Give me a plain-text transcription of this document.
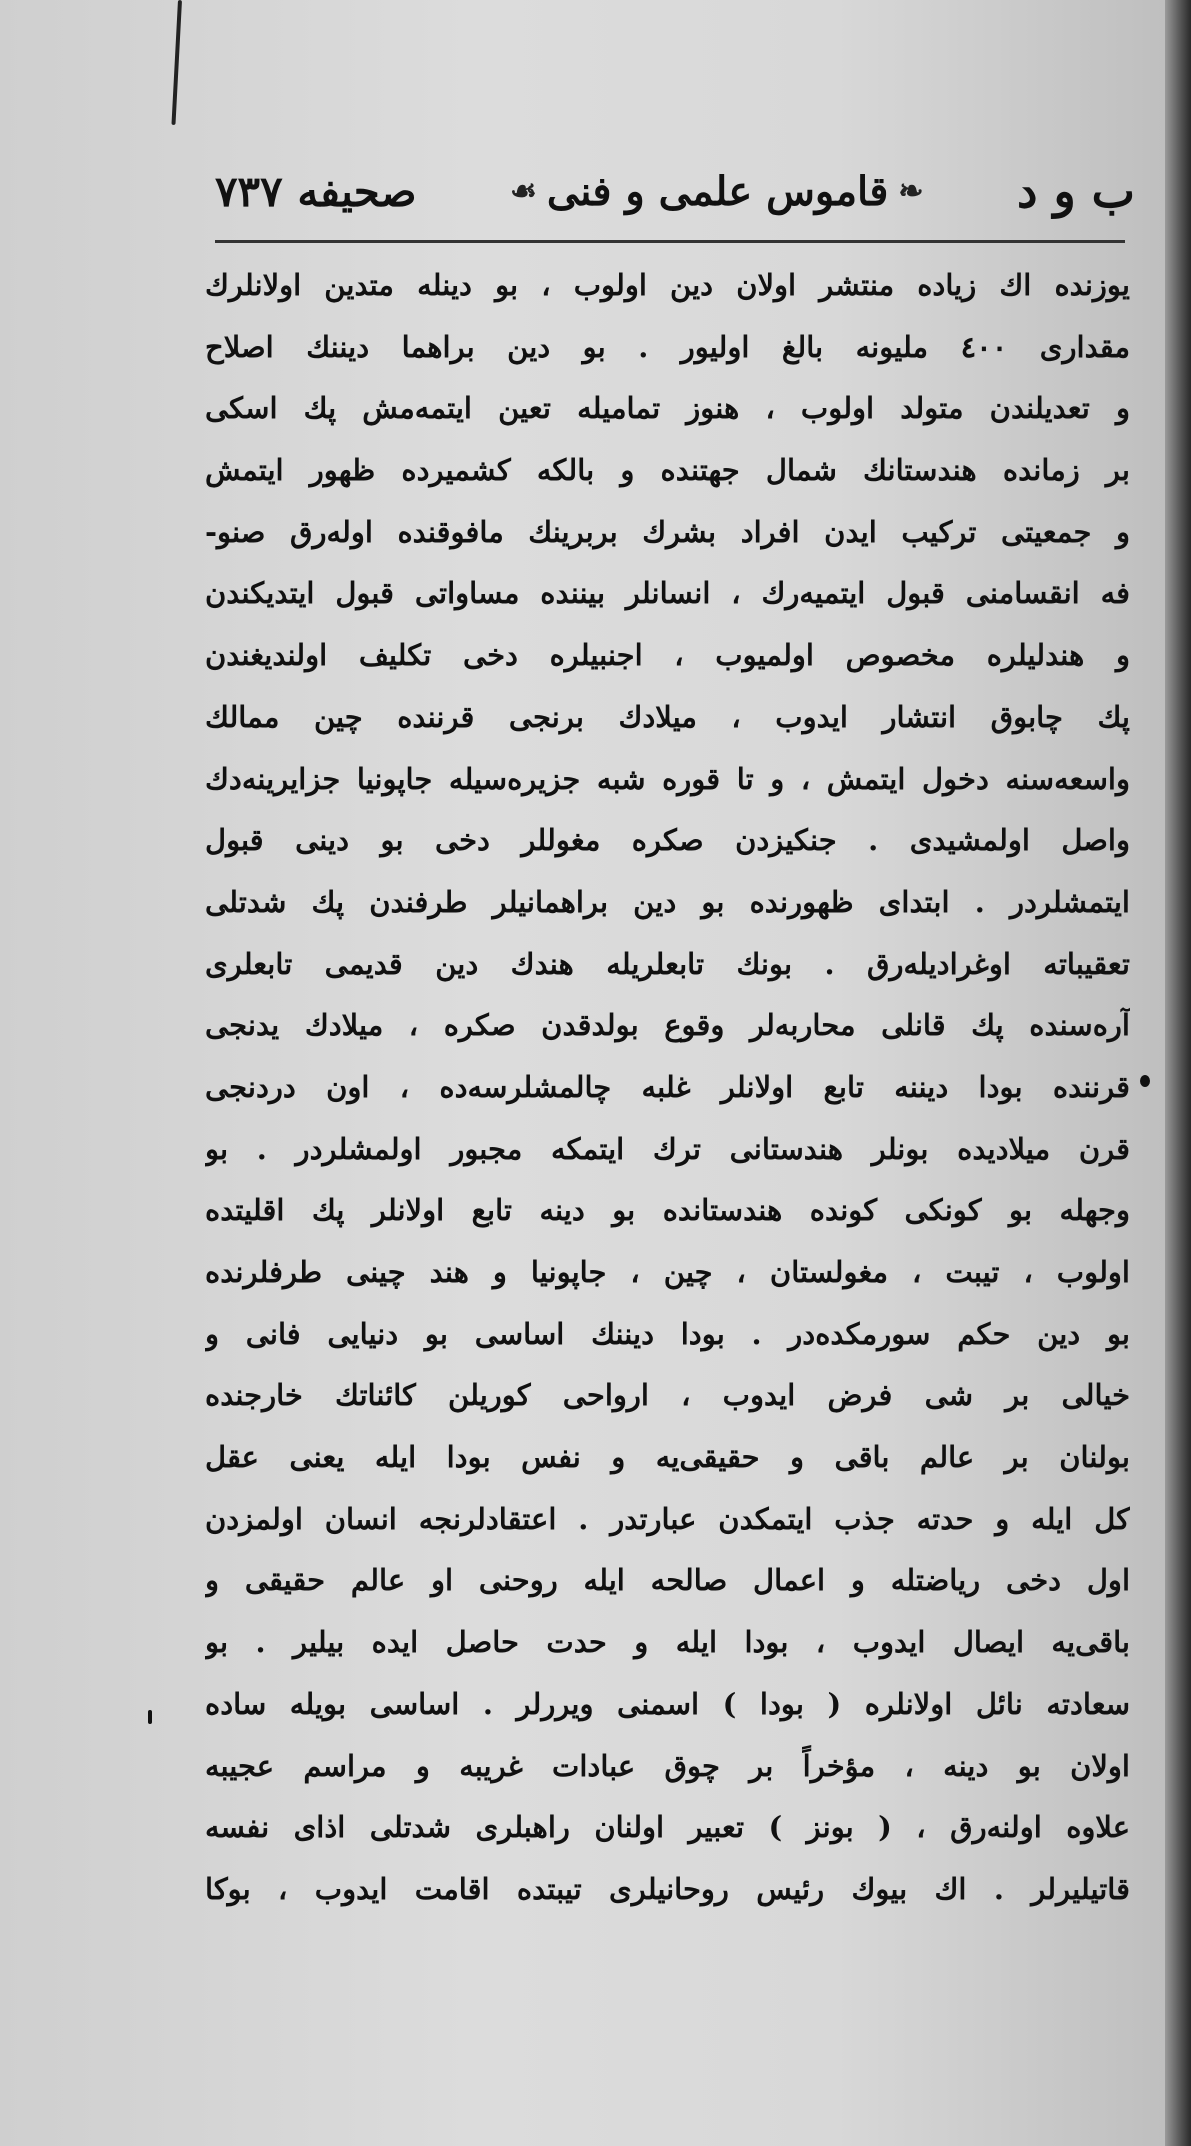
ب و د
❧
قاموس علمی و فنی
☙
صحیفه ۷۳۷
یوزنده اك زیاده منتشر اولان دین اولوب ، بو دینله متدین اولانلرك
مقداری ٤٠٠ ملیونه بالغ اولیور . بو دین براهما دیننك اصلاح
و تعدیلندن متولد اولوب ، هنوز تمامیله تعین ایتمه‌مش پك اسكی
بر زمانده هندستانك شمال جهتنده و بالكه كشمیرده ظهور ایتمش
و جمعیتی تركیب ایدن افراد بشرك بربرینك مافوقنده اوله‌رق صنو-
فه انقسامنی قبول ایتمیه‌رك ، انسانلر بیننده مساواتی قبول ایتدیكندن
و هندلیلره مخصوص اولمیوب ، اجنبیلره دخی تكلیف اولندیغندن
پك چابوق انتشار ایدوب ، میلادك برنجی قرننده چین ممالك
واسعه‌سنه دخول ایتمش ، و تا قوره شبه جزیره‌سیله جاپونیا جزایرینه‌دك
واصل اولمشیدی . جنكیزدن صكره مغوللر دخی بو دینی قبول
ایتمشلردر . ابتدای ظهورنده بو دین براهمانیلر طرفندن پك شدتلی
تعقیباته اوغرادیله‌رق . بونك تابعلریله هندك دین قدیمی تابعلری
آره‌سنده پك قانلی محاربه‌لر وقوع بولدقدن صكره ، میلادك یدنجی
قرننده بودا دیننه تابع اولانلر غلبه چالمشلرسه‌ده ، اون دردنجی
قرن میلادیده بونلر هندستانی ترك ایتمكه مجبور اولمشلردر . بو
وجهله بو كونكی كونده هندستانده بو دینه تابع اولانلر پك اقلیتده
اولوب ، تیبت ، مغولستان ، چین ، جاپونیا و هند چینی طرفلرنده
بو دین حكم سورمكده‌در . بودا دیننك اساسی بو دنیایی فانی و
خیالی بر شی فرض ایدوب ، ارواحی كوریلن كائناتك خارجنده
بولنان بر عالم باقی و حقیقی‌یه و نفس بودا ایله یعنی عقل
كل ایله و حدته جذب ایتمكدن عبارتدر . اعتقادلرنجه انسان اولمزدن
اول دخی ریاضتله و اعمال صالحه ایله روحنی او عالم حقیقی و
باقی‌یه ایصال ایدوب ، بودا ایله و حدت حاصل ایده بیلیر . بو
سعادته نائل اولانلره ( بودا ) اسمنی ویررلر . اساسی بویله ساده
اولان بو دینه ، مؤخراً بر چوق عبادات غریبه و مراسم عجیبه
علاوه اولنه‌رق ، ( بونز ) تعبیر اولنان راهبلری شدتلی اذای نفسه
قاتیلیرلر . اك بیوك رئیس روحانیلری تیبتده اقامت ایدوب ، بوكا
